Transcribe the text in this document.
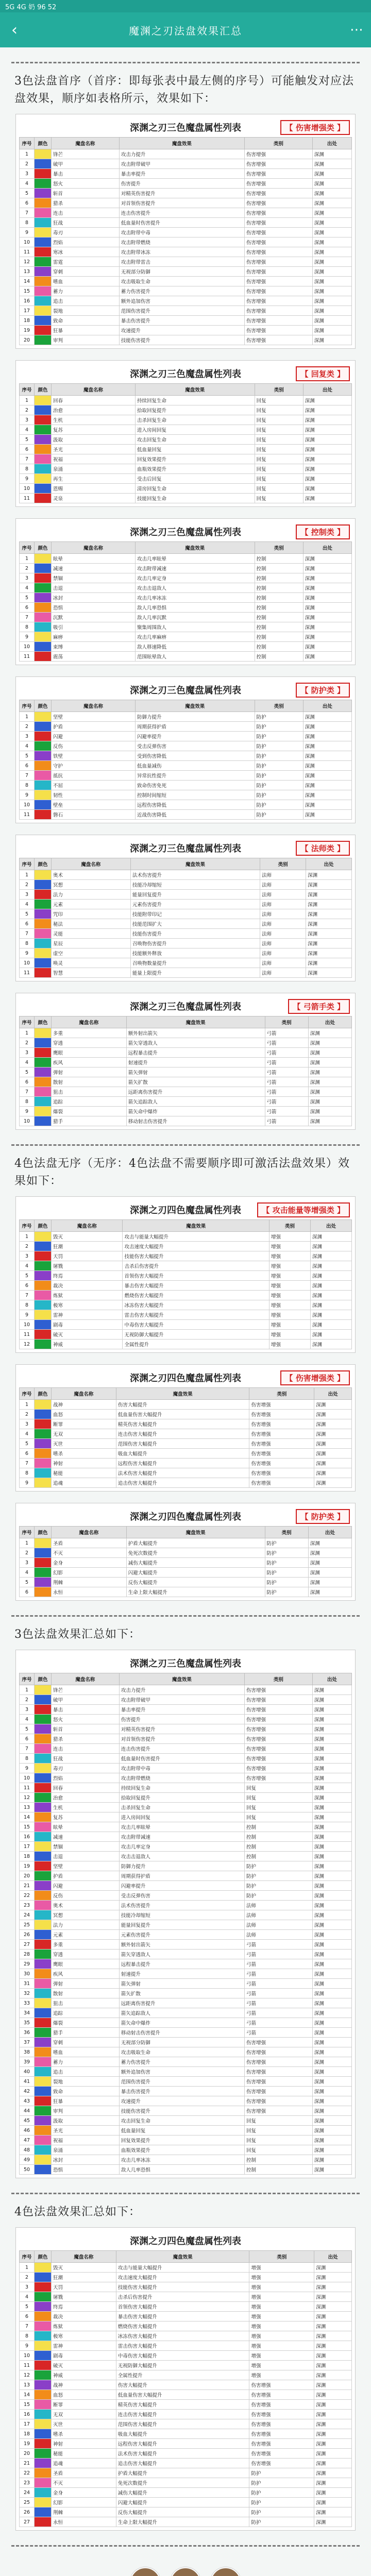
5G 4G 奶 96 52
‹	魔渊之刃法盘效果汇总	⋯

3色法盘首序（首序：即每张表中最左侧的序号）可能触发对应法盘效果，顺序如表格所示，效果如下：

深渊之刃三色魔盘属性列表	【 伤害增强类 】
序号	颜色	魔盘名称	魔盘效果	类别	出处
1		锋芒	攻击力提升	伤害增强	深渊
2		破甲	攻击附带破甲	伤害增强	深渊
3		暴击	暴击率提升	伤害增强	深渊
4		怒火	伤害提升	伤害增强	深渊
5		斩首	对精英伤害提升	伤害增强	深渊
6		猎杀	对首领伤害提升	伤害增强	深渊
7		连击	连击伤害提升	伤害增强	深渊
8		狂战	低血量时伤害提升	伤害增强	深渊
9		毒刃	攻击附带中毒	伤害增强	深渊
10		烈焰	攻击附带燃烧	伤害增强	深渊
11		寒冰	攻击附带冰冻	伤害增强	深渊
12		雷霆	攻击附带雷击	伤害增强	深渊
13		穿刺	无视部分防御	伤害增强	深渊
14		嗜血	攻击吸取生命	伤害增强	深渊
15		蓄力	蓄力伤害提升	伤害增强	深渊
16		追击	额外追加伤害	伤害增强	深渊
17		裂地	范围伤害提升	伤害增强	深渊
18		致命	暴击伤害提升	伤害增强	深渊
19		狂暴	攻速提升	伤害增强	深渊
20		审判	技能伤害提升	伤害增强	深渊
深渊之刃三色魔盘属性列表	【 回复类 】
序号	颜色	魔盘名称	魔盘效果	类别	出处
1		回春	持续回复生命	回复	深渊
2		治愈	拾取回复提升	回复	深渊
3		生机	击杀回复生命	回复	深渊
4		复苏	进入房间回复	回复	深渊
5		汲取	攻击回复生命	回复	深渊
6		圣光	低血量回复	回复	深渊
7		祝福	回复效果提升	回复	深渊
8		泉涌	血瓶效果提升	回复	深渊
9		再生	受击后回复	回复	深渊
10		恩赐	清房回复生命	回复	深渊
11		灵泉	技能回复生命	回复	深渊
深渊之刃三色魔盘属性列表	【 控制类 】
序号	颜色	魔盘名称	魔盘效果	类别	出处
1		眩晕	攻击几率眩晕	控制	深渊
2		减速	攻击附带减速	控制	深渊
3		禁锢	攻击几率定身	控制	深渊
4		击退	攻击击退敌人	控制	深渊
5		冰封	攻击几率冰冻	控制	深渊
6		恐惧	敌人几率恐惧	控制	深渊
7		沉默	敌人几率沉默	控制	深渊
8		吸引	聚集周围敌人	控制	深渊
9		麻痹	攻击几率麻痹	控制	深渊
10		束缚	敌人移速降低	控制	深渊
11		震荡	范围眩晕敌人	控制	深渊
深渊之刃三色魔盘属性列表	【 防护类 】
序号	颜色	魔盘名称	魔盘效果	类别	出处
1		坚壁	防御力提升	防护	深渊
2		护盾	周期获得护盾	防护	深渊
3		闪避	闪避率提升	防护	深渊
4		反伤	受击反弹伤害	防护	深渊
5		铁壁	受到伤害降低	防护	深渊
6		守护	低血量减伤	防护	深渊
7		抵抗	异常抗性提升	防护	深渊
8		不屈	致命伤害免死	防护	深渊
9		韧性	控制时间缩短	防护	深渊
10		壁垒	远程伤害降低	防护	深渊
11		磐石	近战伤害降低	防护	深渊
深渊之刃三色魔盘属性列表	【 法师类 】
序号	颜色	魔盘名称	魔盘效果	类别	出处
1		奥术	法术伤害提升	法师	深渊
2		冥想	技能冷却缩短	法师	深渊
3		法力	能量回复提升	法师	深渊
4		元素	元素伤害提升	法师	深渊
5		咒印	技能附带印记	法师	深渊
6		秘法	技能范围扩大	法师	深渊
7		灵能	技能伤害提升	法师	深渊
8		星辰	召唤物伤害提升	法师	深渊
9		虚空	技能额外释放	法师	深渊
10		唤灵	召唤物数量提升	法师	深渊
11		智慧	能量上限提升	法师	深渊
深渊之刃三色魔盘属性列表	【 弓箭手类 】
序号	颜色	魔盘名称	魔盘效果	类别	出处
1		多重	额外射出箭矢	弓箭	深渊
2		穿透	箭矢穿透敌人	弓箭	深渊
3		鹰眼	远程暴击提升	弓箭	深渊
4		疾风	射速提升	弓箭	深渊
5		弹射	箭矢弹射	弓箭	深渊
6		散射	箭矢扩散	弓箭	深渊
7		狙击	远距离伤害提升	弓箭	深渊
8		追踪	箭矢追踪敌人	弓箭	深渊
9		爆裂	箭矢命中爆炸	弓箭	深渊
10		猎手	移动射击伤害提升	弓箭	深渊

4色法盘无序（无序：4色法盘不需要顺序即可激活法盘效果）效果如下：

深渊之刃四色魔盘属性列表	【 攻击能量等增强类 】
序号	颜色	魔盘名称	魔盘效果	类别	出处
1		毁灭	攻击与能量大幅提升	增强	深渊
2		狂潮	攻击速度大幅提升	增强	深渊
3		天罚	技能伤害大幅提升	增强	深渊
4		屠戮	击杀后伤害提升	增强	深渊
5		终焉	首领伤害大幅提升	增强	深渊
6		裁决	暴击伤害大幅提升	增强	深渊
7		炼狱	燃烧伤害大幅提升	增强	深渊
8		极寒	冰冻伤害大幅提升	增强	深渊
9		雷神	雷击伤害大幅提升	增强	深渊
10		剧毒	中毒伤害大幅提升	增强	深渊
11		破灭	无视防御大幅提升	增强	深渊
12		神威	全属性提升	增强	深渊
深渊之刃四色魔盘属性列表	【 伤害增强类 】
序号	颜色	魔盘名称	魔盘效果	类别	出处
1		战神	伤害大幅提升	伤害增强	深渊
2		血怒	低血量伤害大幅提升	伤害增强	深渊
3		断罪	精英伤害大幅提升	伤害增强	深渊
4		无双	连击伤害大幅提升	伤害增强	深渊
5		灭世	范围伤害大幅提升	伤害增强	深渊
6		嗜杀	吸血大幅提升	伤害增强	深渊
7		神射	远程伤害大幅提升	伤害增强	深渊
8		秘能	法术伤害大幅提升	伤害增强	深渊
9		追魂	追击伤害大幅提升	伤害增强	深渊
深渊之刃四色魔盘属性列表	【 防护类 】
序号	颜色	魔盘名称	魔盘效果	类别	出处
1		圣盾	护盾大幅提升	防护	深渊
2		不灭	免死次数提升	防护	深渊
3		金身	减伤大幅提升	防护	深渊
4		幻影	闪避大幅提升	防护	深渊
5		荆棘	反伤大幅提升	防护	深渊
6		永恒	生命上限大幅提升	防护	深渊

3色法盘效果汇总如下：

深渊之刃三色魔盘属性列表
序号	颜色	魔盘名称	魔盘效果	类别	出处
1		锋芒	攻击力提升	伤害增强	深渊
2		破甲	攻击附带破甲	伤害增强	深渊
3		暴击	暴击率提升	伤害增强	深渊
4		怒火	伤害提升	伤害增强	深渊
5		斩首	对精英伤害提升	伤害增强	深渊
6		猎杀	对首领伤害提升	伤害增强	深渊
7		连击	连击伤害提升	伤害增强	深渊
8		狂战	低血量时伤害提升	伤害增强	深渊
9		毒刃	攻击附带中毒	伤害增强	深渊
10		烈焰	攻击附带燃烧	伤害增强	深渊
11		回春	持续回复生命	回复	深渊
12		治愈	拾取回复提升	回复	深渊
13		生机	击杀回复生命	回复	深渊
14		复苏	进入房间回复	回复	深渊
15		眩晕	攻击几率眩晕	控制	深渊
16		减速	攻击附带减速	控制	深渊
17		禁锢	攻击几率定身	控制	深渊
18		击退	攻击击退敌人	控制	深渊
19		坚壁	防御力提升	防护	深渊
20		护盾	周期获得护盾	防护	深渊
21		闪避	闪避率提升	防护	深渊
22		反伤	受击反弹伤害	防护	深渊
23		奥术	法术伤害提升	法师	深渊
24		冥想	技能冷却缩短	法师	深渊
25		法力	能量回复提升	法师	深渊
26		元素	元素伤害提升	法师	深渊
27		多重	额外射出箭矢	弓箭	深渊
28		穿透	箭矢穿透敌人	弓箭	深渊
29		鹰眼	远程暴击提升	弓箭	深渊
30		疾风	射速提升	弓箭	深渊
31		弹射	箭矢弹射	弓箭	深渊
32		散射	箭矢扩散	弓箭	深渊
33		狙击	远距离伤害提升	弓箭	深渊
34		追踪	箭矢追踪敌人	弓箭	深渊
35		爆裂	箭矢命中爆炸	弓箭	深渊
36		猎手	移动射击伤害提升	弓箭	深渊
37		穿刺	无视部分防御	伤害增强	深渊
38		嗜血	攻击吸取生命	伤害增强	深渊
39		蓄力	蓄力伤害提升	伤害增强	深渊
40		追击	额外追加伤害	伤害增强	深渊
41		裂地	范围伤害提升	伤害增强	深渊
42		致命	暴击伤害提升	伤害增强	深渊
43		狂暴	攻速提升	伤害增强	深渊
44		审判	技能伤害提升	伤害增强	深渊
45		汲取	攻击回复生命	回复	深渊
46		圣光	低血量回复	回复	深渊
47		祝福	回复效果提升	回复	深渊
48		泉涌	血瓶效果提升	回复	深渊
49		冰封	攻击几率冰冻	控制	深渊
50		恐惧	敌人几率恐惧	控制	深渊

4色法盘效果汇总如下：

深渊之刃四色魔盘属性列表
序号	颜色	魔盘名称	魔盘效果	类别	出处
1		毁灭	攻击与能量大幅提升	增强	深渊
2		狂潮	攻击速度大幅提升	增强	深渊
3		天罚	技能伤害大幅提升	增强	深渊
4		屠戮	击杀后伤害提升	增强	深渊
5		终焉	首领伤害大幅提升	增强	深渊
6		裁决	暴击伤害大幅提升	增强	深渊
7		炼狱	燃烧伤害大幅提升	增强	深渊
8		极寒	冰冻伤害大幅提升	增强	深渊
9		雷神	雷击伤害大幅提升	增强	深渊
10		剧毒	中毒伤害大幅提升	增强	深渊
11		破灭	无视防御大幅提升	增强	深渊
12		神威	全属性提升	增强	深渊
13		战神	伤害大幅提升	伤害增强	深渊
14		血怒	低血量伤害大幅提升	伤害增强	深渊
15		断罪	精英伤害大幅提升	伤害增强	深渊
16		无双	连击伤害大幅提升	伤害增强	深渊
17		灭世	范围伤害大幅提升	伤害增强	深渊
18		嗜杀	吸血大幅提升	伤害增强	深渊
19		神射	远程伤害大幅提升	伤害增强	深渊
20		秘能	法术伤害大幅提升	伤害增强	深渊
21		追魂	追击伤害大幅提升	伤害增强	深渊
22		圣盾	护盾大幅提升	防护	深渊
23		不灭	免死次数提升	防护	深渊
24		金身	减伤大幅提升	防护	深渊
25		幻影	闪避大幅提升	防护	深渊
26		荆棘	反伤大幅提升	防护	深渊
27		永恒	生命上限大幅提升	防护	深渊
